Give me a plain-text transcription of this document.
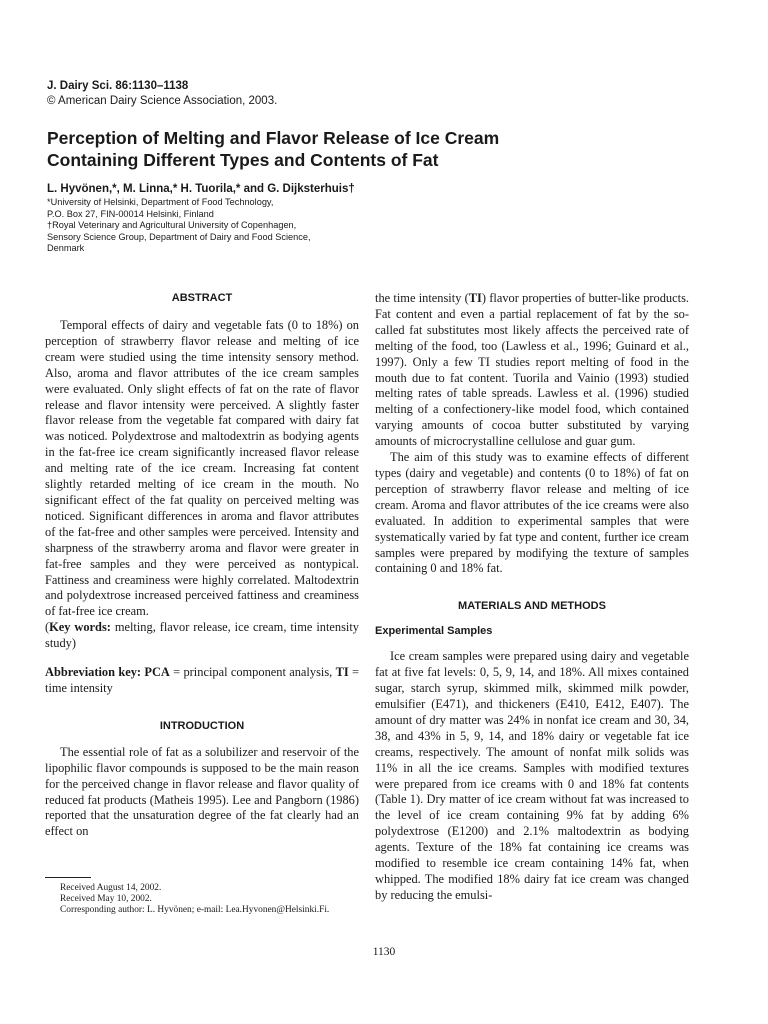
J. Dairy Sci. 86:1130–1138
© American Dairy Science Association, 2003.
Perception of Melting and Flavor Release of Ice Cream
Containing Different Types and Contents of Fat
L. Hyvönen,*, M. Linna,* H. Tuorila,* and G. Dijksterhuis†
*University of Helsinki, Department of Food Technology,
P.O. Box 27, FIN-00014 Helsinki, Finland
†Royal Veterinary and Agricultural University of Copenhagen,
Sensory Science Group, Department of Dairy and Food Science,
Denmark
ABSTRACT

Temporal effects of dairy and vegetable fats (0 to 18%) on perception of strawberry flavor release and melting of ice cream were studied using the time intensity sensory method. Also, aroma and flavor attributes of the ice cream samples were evaluated. Only slight effects of fat on the rate of flavor release and flavor intensity were perceived. A slightly faster flavor release from the vegetable fat compared with dairy fat was noticed. Polydextrose and maltodextrin as bodying agents in the fat-free ice cream significantly increased flavor release and melting rate of the ice cream. Increasing fat content slightly retarded melting of ice cream in the mouth. No significant effect of the fat quality on perceived melting was noticed. Significant differences in aroma and flavor attributes of the fat-free and other samples were perceived. Intensity and sharpness of the strawberry aroma and flavor were greater in fat-free samples and they were perceived as nontypical. Fattiness and creaminess were highly correlated. Maltodextrin and polydextrose increased perceived fattiness and creaminess of fat-free ice cream.

(Key words: melting, flavor release, ice cream, time intensity study)

Abbreviation key: PCA = principal component analysis, TI = time intensity

INTRODUCTION

The essential role of fat as a solubilizer and reservoir of the lipophilic flavor compounds is supposed to be the main reason for the perceived change in flavor release and flavor quality of reduced fat products (Matheis 1995). Lee and Pangborn (1986) reported that the unsaturation degree of the fat clearly had an effect on

the time intensity (TI) flavor properties of butter-like products. Fat content and even a partial replacement of fat by the so-called fat substitutes most likely affects the perceived rate of melting of the food, too (Lawless et al., 1996; Guinard et al., 1997). Only a few TI studies report melting of food in the mouth due to fat content. Tuorila and Vainio (1993) studied melting rates of table spreads. Lawless et al. (1996) studied melting of a confectionery-like model food, which contained varying amounts of cocoa butter substituted by varying amounts of microcrystalline cellulose and guar gum.

The aim of this study was to examine effects of different types (dairy and vegetable) and contents (0 to 18%) of fat on perception of strawberry flavor release and melting of ice cream. Aroma and flavor attributes of the ice creams were also evaluated. In addition to experimental samples that were systematically varied by fat type and content, further ice cream samples were prepared by modifying the texture of samples containing 0 and 18% fat.

MATERIALS AND METHODS
Experimental Samples

Ice cream samples were prepared using dairy and vegetable fat at five fat levels: 0, 5, 9, 14, and 18%. All mixes contained sugar, starch syrup, skimmed milk, skimmed milk powder, emulsifier (E471), and thickeners (E410, E412, E407). The amount of dry matter was 24% in nonfat ice cream and 30, 34, 38, and 43% in 5, 9, 14, and 18% dairy or vegetable fat ice creams, respectively. The amount of nonfat milk solids was 11% in all the ice creams. Samples with modified textures were prepared from ice creams with 0 and 18% fat contents (Table 1). Dry matter of ice cream without fat was increased to the level of ice cream containing 9% fat by adding 6% polydextrose (E1200) and 2.1% maltodextrin as bodying agents. Texture of the 18% fat containing ice creams was modified to resemble ice cream containing 14% fat, when whipped. The modified 18% dairy fat ice cream was changed by reducing the emulsi-

Received August 14, 2002.

Received May 10, 2002.

Corresponding author: L. Hyvönen; e-mail: Lea.Hyvonen@Helsinki.Fi.

1130
